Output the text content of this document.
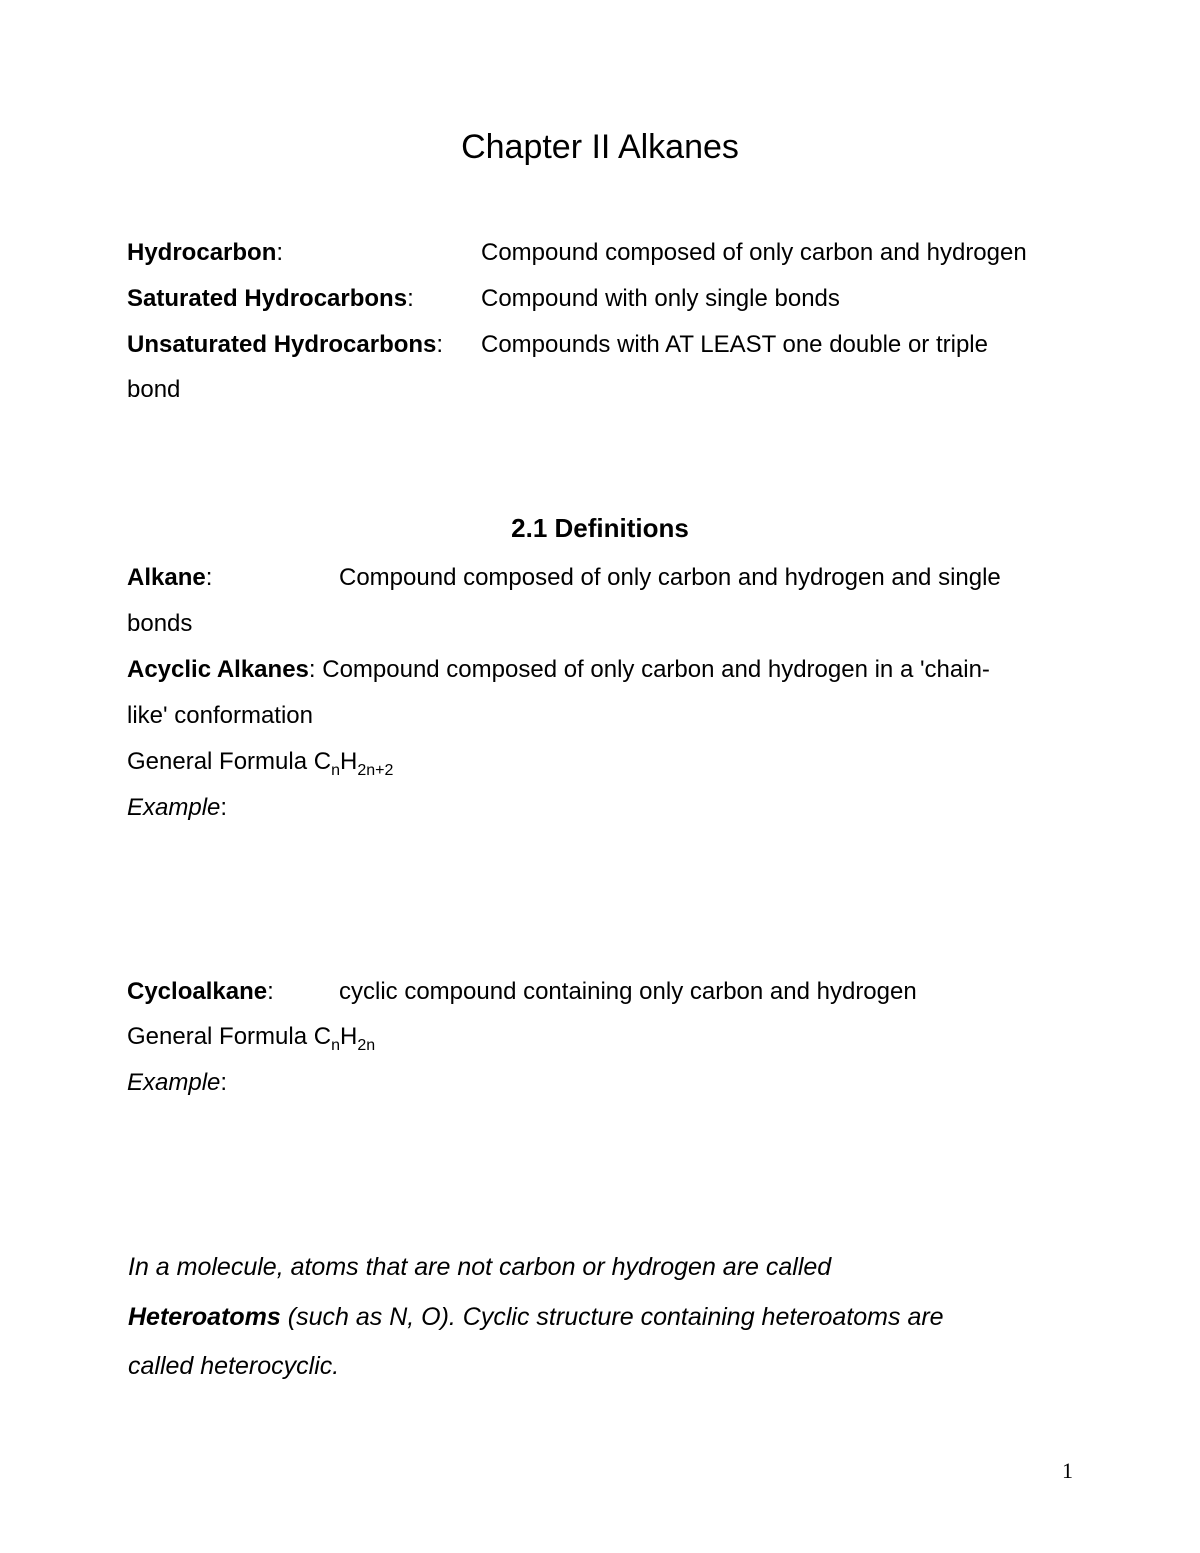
Chapter II Alkanes
Hydrocarbon:	Compound composed of only carbon and hydrogen
Saturated Hydrocarbons:	Compound with only single bonds
Unsaturated Hydrocarbons: Compounds with AT LEAST one double or triple
bond
2.1 Definitions
Alkane:	Compound composed of only carbon and hydrogen and single
bonds
Acyclic Alkanes: Compound composed of only carbon and hydrogen in a 'chain-
like' conformation
General Formula $C_nH_{2n+2}$
Example:
Cycloalkane:	cyclic compound containing only carbon and hydrogen
General Formula $C_nH_{2n}$
Example:
In a molecule, atoms that are not carbon or hydrogen are called
Heteroatoms (such as N, O). Cyclic structure containing heteroatoms are
called heterocyclic.
1
